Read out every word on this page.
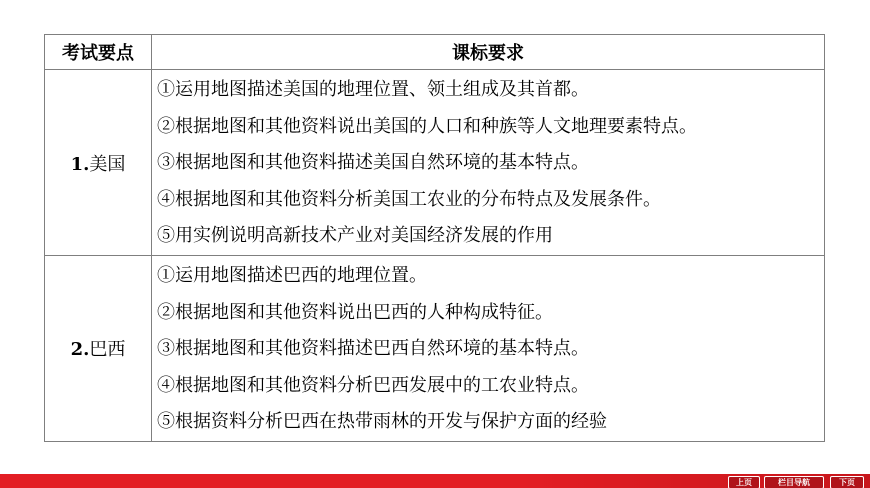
考试要点	课标要求
1.美国	①运用地图描述美国的地理位置、领土组成及其首都。
②根据地图和其他资料说出美国的人口和种族等人文地理要素特点。
③根据地图和其他资料描述美国自然环境的基本特点。
④根据地图和其他资料分析美国工农业的分布特点及发展条件。
⑤用实例说明高新技术产业对美国经济发展的作用

2.巴西	①运用地图描述巴西的地理位置。
②根据地图和其他资料说出巴西的人种构成特征。
③根据地图和其他资料描述巴西自然环境的基本特点。
④根据地图和其他资料分析巴西发展中的工农业特点。
⑤根据资料分析巴西在热带雨林的开发与保护方面的经验
上页	栏目导航	下页
